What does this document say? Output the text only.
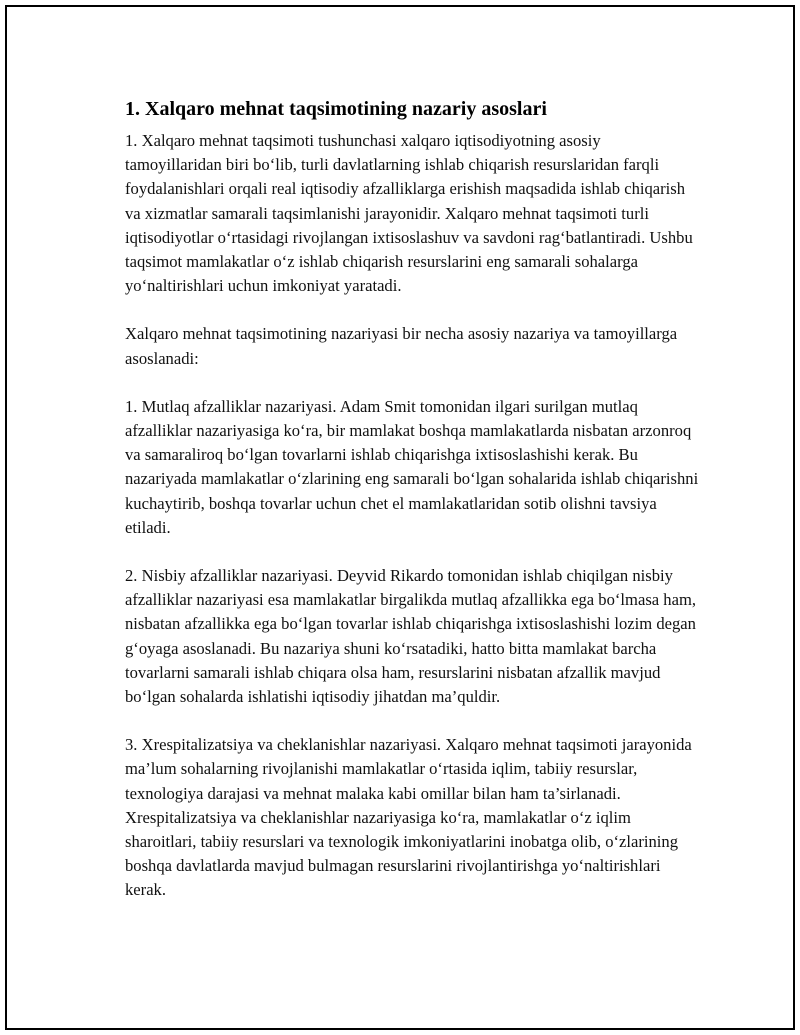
1. Xalqaro mehnat taqsimotining nazariy asoslari

1. Xalqaro mehnat taqsimoti tushunchasi xalqaro iqtisodiyotning asosiy tamoyillaridan biri bo‘lib, turli davlatlarning ishlab chiqarish resurslaridan farqli foydalanishlari orqali real iqtisodiy afzalliklarga erishish maqsadida ishlab chiqarish va xizmatlar samarali taqsimlanishi jarayonidir. Xalqaro mehnat taqsimoti turli iqtisodiyotlar o‘rtasidagi rivojlangan ixtisoslashuv va savdoni rag‘batlantiradi. Ushbu taqsimot mamlakatlar o‘z ishlab chiqarish resurslarini eng samarali sohalarga yo‘naltirishlari uchun imkoniyat yaratadi.

Xalqaro mehnat taqsimotining nazariyasi bir necha asosiy nazariya va tamoyillarga asoslanadi:

1. Mutlaq afzalliklar nazariyasi. Adam Smit tomonidan ilgari surilgan mutlaq afzalliklar nazariyasiga ko‘ra, bir mamlakat boshqa mamlakatlarda nisbatan arzonroq va samaraliroq bo‘lgan tovarlarni ishlab chiqarishga ixtisoslashishi kerak. Bu nazariyada mamlakatlar o‘zlarining eng samarali bo‘lgan sohalarida ishlab chiqarishni kuchaytirib, boshqa tovarlar uchun chet el mamlakatlaridan sotib olishni tavsiya etiladi.

2. Nisbiy afzalliklar nazariyasi. Deyvid Rikardo tomonidan ishlab chiqilgan nisbiy afzalliklar nazariyasi esa mamlakatlar birgalikda mutlaq afzallikka ega bo‘lmasa ham, nisbatan afzallikka ega bo‘lgan tovarlar ishlab chiqarishga ixtisoslashishi lozim degan g‘oyaga asoslanadi. Bu nazariya shuni ko‘rsatadiki, hatto bitta mamlakat barcha tovarlarni samarali ishlab chiqara olsa ham, resurslarini nisbatan afzallik mavjud bo‘lgan sohalarda ishlatishi iqtisodiy jihatdan ma’quldir.

3. Xrespitalizatsiya va cheklanishlar nazariyasi. Xalqaro mehnat taqsimoti jarayonida ma’lum sohalarning rivojlanishi mamlakatlar o‘rtasida iqlim, tabiiy resurslar, texnologiya darajasi va mehnat malaka kabi omillar bilan ham ta’sirlanadi. Xrespitalizatsiya va cheklanishlar nazariyasiga ko‘ra, mamlakatlar o‘z iqlim sharoitlari, tabiiy resurslari va texnologik imkoniyatlarini inobatga olib, o‘zlarining boshqa davlatlarda mavjud bulmagan resurslarini rivojlantirishga yo‘naltirishlari kerak.
